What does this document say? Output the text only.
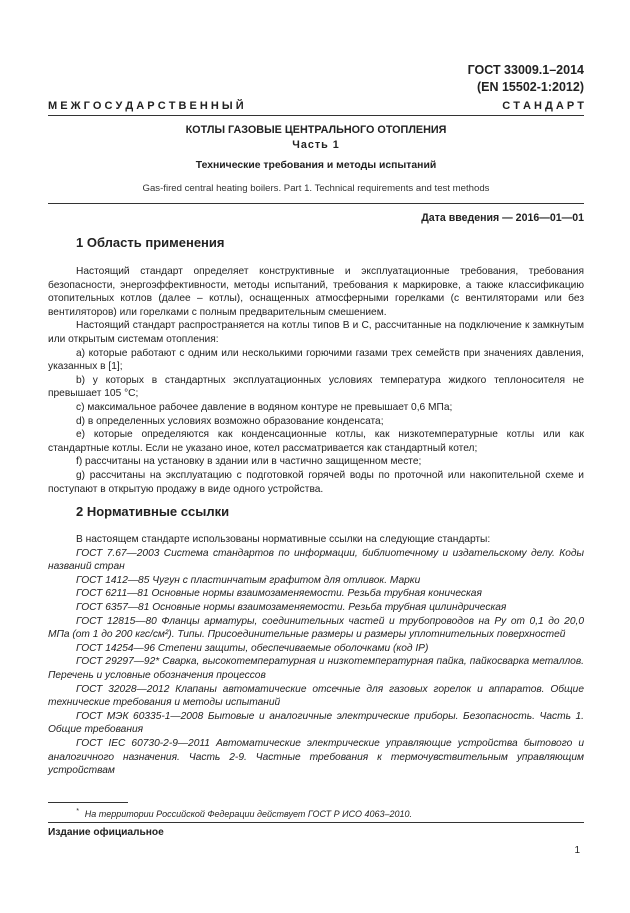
ГОСТ 33009.1–2014
(EN 15502-1:2012)
М Е Ж Г О С У Д А Р С Т В Е Н Н Ы Й	С Т А Н Д А Р Т
КОТЛЫ ГАЗОВЫЕ ЦЕНТРАЛЬНОГО ОТОПЛЕНИЯ
Часть 1
Технические требования и методы испытаний
Gas-fired central heating boilers. Part 1. Technical requirements and test methods
Дата введения — 2016—01—01
1 Область применения

Настоящий стандарт определяет конструктивные и эксплуатационные требования, требования безопасности, энергоэффективности, методы испытаний, требования к маркировке, а также классификацию отопительных котлов (далее – котлы), оснащенных атмосферными горелками (с вентиляторами или без вентиляторов) или горелками с полным предварительным смешением.

Настоящий стандарт распространяется на котлы типов В и С, рассчитанные на подключение к замкнутым или открытым системам отопления:

a) которые работают с одним или несколькими горючими газами трех семейств при значениях давления, указанных в [1];

b) у которых в стандартных эксплуатационных условиях температура жидкого теплоносителя не превышает 105 °C;

c) максимальное рабочее давление в водяном контуре не превышает 0,6 МПа;

d) в определенных условиях возможно образование конденсата;

e) которые определяются как конденсационные котлы, как низкотемпературные котлы или как стандартные котлы. Если не указано иное, котел рассматривается как стандартный котел;

f) рассчитаны на установку в здании или в частично защищенном месте;

g) рассчитаны на эксплуатацию с подготовкой горячей воды по проточной или накопительной схеме и поступают в открытую продажу в виде одного устройства.

2 Нормативные ссылки

В настоящем стандарте использованы нормативные ссылки на следующие стандарты:

ГОСТ 7.67—2003 Система стандартов по информации, библиотечному и издательскому делу. Коды названий стран

ГОСТ 1412—85 Чугун с пластинчатым графитом для отливок. Марки

ГОСТ 6211—81 Основные нормы взаимозаменяемости. Резьба трубная коническая

ГОСТ 6357—81 Основные нормы взаимозаменяемости. Резьба трубная цилиндрическая

ГОСТ 12815—80 Фланцы арматуры, соединительных частей и трубопроводов на Ру от 0,1 до 20,0 МПа (от 1 до 200 кгс/см²). Типы. Присоединительные размеры и размеры уплотнительных поверхностей

ГОСТ 14254—96 Степени защиты, обеспечиваемые оболочками (код IP)

ГОСТ 29297—92* Сварка, высокотемпературная и низкотемпературная пайка, пайкосварка металлов. Перечень и условные обозначения процессов

ГОСТ 32028—2012 Клапаны автоматические отсечные для газовых горелок и аппаратов. Общие технические требования и методы испытаний

ГОСТ МЭК 60335-1—2008 Бытовые и аналогичные электрические приборы. Безопасность. Часть 1. Общие требования

ГОСТ IEC 60730-2-9—2011 Автоматические электрические управляющие устройства бытового и аналогичного назначения. Часть 2-9. Частные требования к термочувствительным управляющим устройствам

* На территории Российской Федерации действует ГОСТ Р ИСО 4063–2010.
Издание официальное
1
